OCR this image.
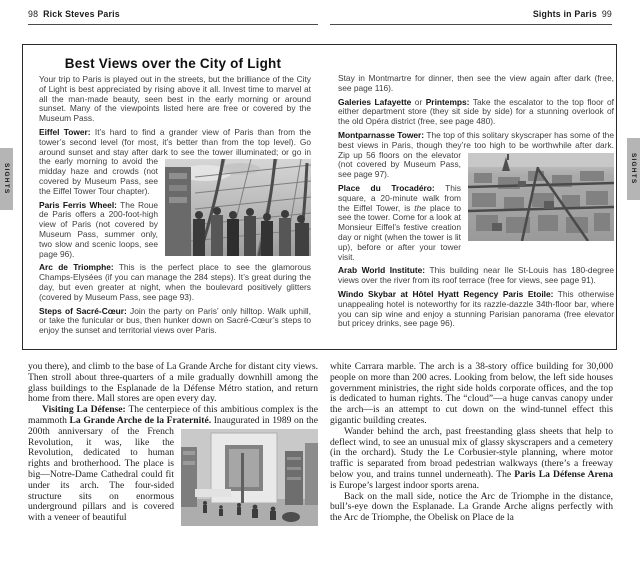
98 Rick Steves Paris	Sights in Paris 99
SIGHTS	SIGHTS
Best Views over the City of Light

Your trip to Paris is played out in the streets, but the brilliance of the City of Light is best appreciated by rising above it all. Invest time to marvel at all the man-made beauty, seen best in the early morning or around sunset. Many of the viewpoints listed here are free or covered by the Museum Pass.

Eiffel Tower: It’s hard to find a grander view of Paris than from the tower’s second level (for most, it’s better than from the top level). Go around sunset and stay after dark to see the tower illuminated;
or go in the early morning to avoid the midday haze and crowds (not covered by Museum Pass, see the Eiffel Tower Tour chapter).

Paris Ferris Wheel: The Roue de Paris offers a 200-foot-high view of Paris (not covered by Museum Pass, summer only, two slow and scenic loops, see page 96).

Arc de Triomphe: This is the perfect place to see the glamorous Champs-Elysées (if you can manage the 284 steps). It’s great during the day, but even greater at night, when the boulevard positively glitters (covered by Museum Pass, see page 93).

Steps of Sacré-Cœur: Join the party on Paris’ only hilltop. Walk uphill, or take the funicular or bus, then hunker down on Sacré-Cœur’s steps to enjoy the sunset and territorial views over Paris.

Stay in Montmartre for dinner, then see the view again after dark (free, see page 116).

Galeries Lafayette or Printemps: Take the escalator to the top floor of either department store (they sit side by side) for a stunning overlook of the old Opéra district (free, see page 480).

Montparnasse Tower: The top of this solitary skyscraper has some of the best views in Paris, though they’re too high to be worthwhile after dark. Zip up 56 floors on the elevator
(not covered by Museum Pass, see page 97).

Place du Trocadéro: This square, a 20-minute walk from the Eiffel Tower, is the place to see the tower. Come for a look at Monsieur Eiffel’s festive creation day or night (when the tower is lit up), before or after your tower visit.

Arab World Institute: This building near Ile St-Louis has 180-degree views over the river from its roof terrace (free for views, see page 91).

Windo Skybar at Hôtel Hyatt Regency Paris Etoile: This otherwise unappealing hotel is noteworthy for its razzle-dazzle 34th-floor bar, where you can sip wine and enjoy a stunning Parisian panorama (free elevator but pricey drinks, see page 96).

you there), and climb to the base of La Grande Arche for distant city views. Then stroll about three-quarters of a mile gradually downhill among the glass buildings to the Esplanade de la Défense Métro station, and return home from there. Mall stores are open every day.

Visiting La Défense: The centerpiece of this ambitious complex is the mammoth La Grande Arche de la Fraternité. Inaugurated in 1989 on the 200th
anniversary of the French Revolution, it was, like the Revolution, dedicated to human rights and brotherhood. The place is big—Notre-Dame Cathedral could fit under its arch. The four-sided structure sits on enormous underground pillars and is covered with a veneer of beautiful

white Carrara marble. The arch is a 38-story office building for 30,000 people on more than 200 acres. Looking from below, the left side houses government ministries, the right side holds corporate offices, and the top is dedicated to human rights. The “cloud”—a huge canvas canopy under the arch—is an attempt to cut down on the wind-tunnel effect this gigantic building creates.

Wander behind the arch, past freestanding glass sheets that help to deflect wind, to see an unusual mix of glassy skyscrapers and a cemetery (in the orchard). Study the Le Corbusier-style planning, where motor traffic is separated from broad pedestrian walkways (there’s a freeway below you, and trains tunnel underneath). The Paris La Défense Arena is Europe’s largest indoor sports arena.

Back on the mall side, notice the Arc de Triomphe in the distance, bull’s-eye down the Esplanade. La Grande Arche aligns perfectly with the Arc de Triomphe, the Obelisk on Place de la
